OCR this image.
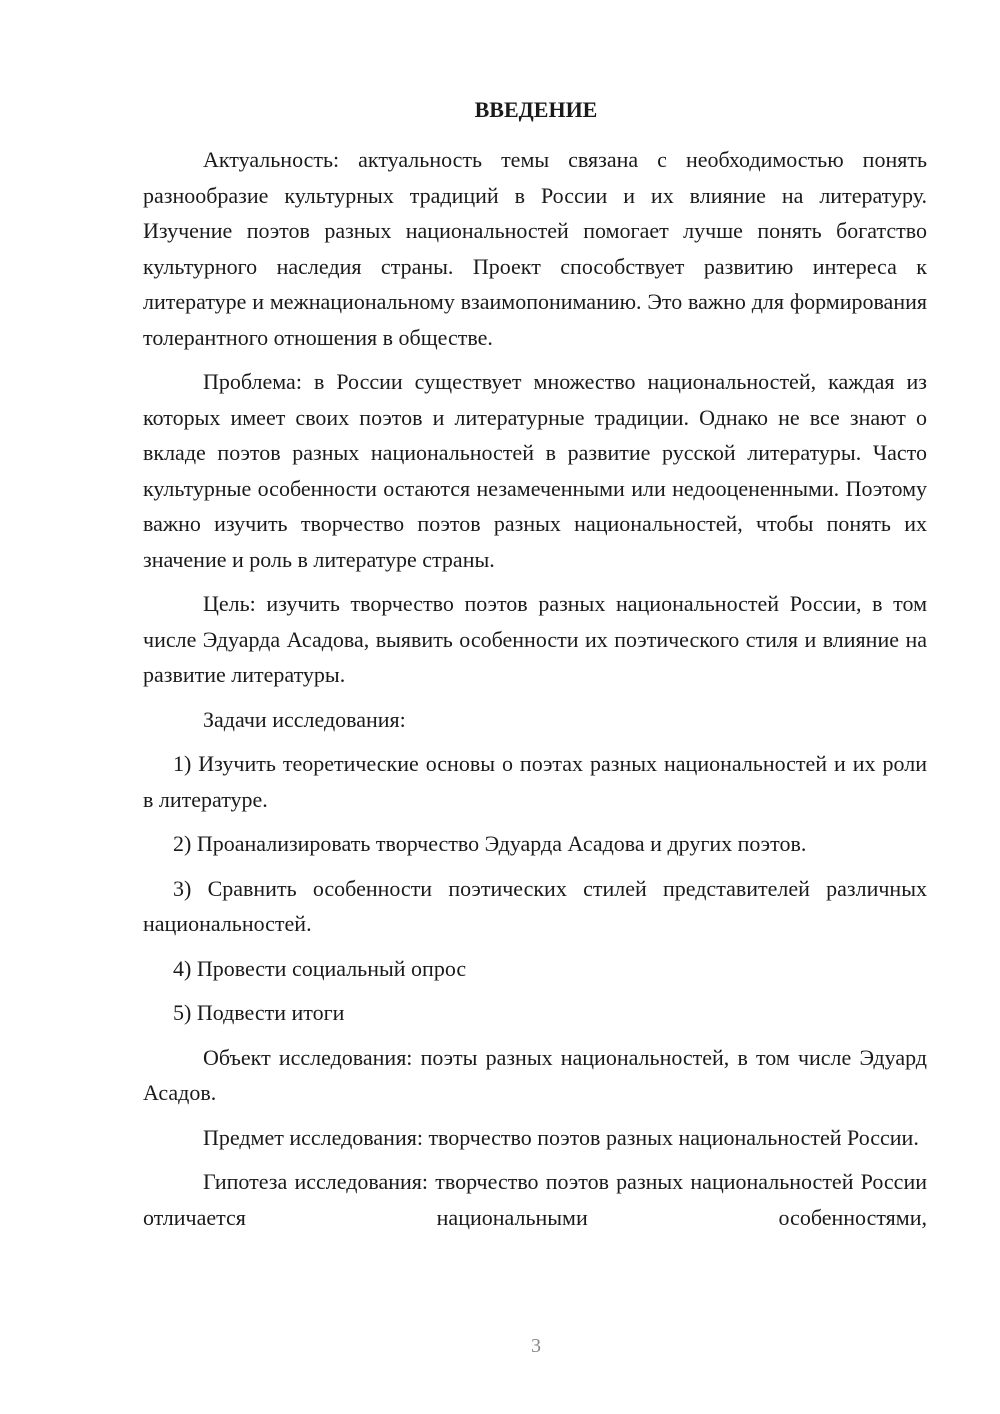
ВВЕДЕНИЕ

Актуальность: актуальность темы связана с необходимостью понять разнообразие культурных традиций в России и их влияние на литературу. Изучение поэтов разных национальностей помогает лучше понять богатство культурного наследия страны. Проект способствует развитию интереса к литературе и межнациональному взаимопониманию. Это важно для формирования толерантного отношения в обществе.

Проблема: в России существует множество национальностей, каждая из которых имеет своих поэтов и литературные традиции. Однако не все знают о вкладе поэтов разных национальностей в развитие русской литературы. Часто культурные особенности остаются незамеченными или недооцененными. Поэтому важно изучить творчество поэтов разных национальностей, чтобы понять их значение и роль в литературе страны.

Цель: изучить творчество поэтов разных национальностей России, в том числе Эдуарда Асадова, выявить особенности их поэтического стиля и влияние на развитие литературы.

Задачи исследования:

1) Изучить теоретические основы о поэтах разных национальностей и их роли в литературе.

2) Проанализировать творчество Эдуарда Асадова и других поэтов.

3) Сравнить особенности поэтических стилей представителей различных национальностей.

4) Провести социальный опрос

5) Подвести итоги

Объект исследования: поэты разных национальностей, в том числе Эдуард Асадов.

Предмет исследования: творчество поэтов разных национальностей России.

Гипотеза исследования: творчество поэтов разных национальностей России отличается национальными особенностями,

3
